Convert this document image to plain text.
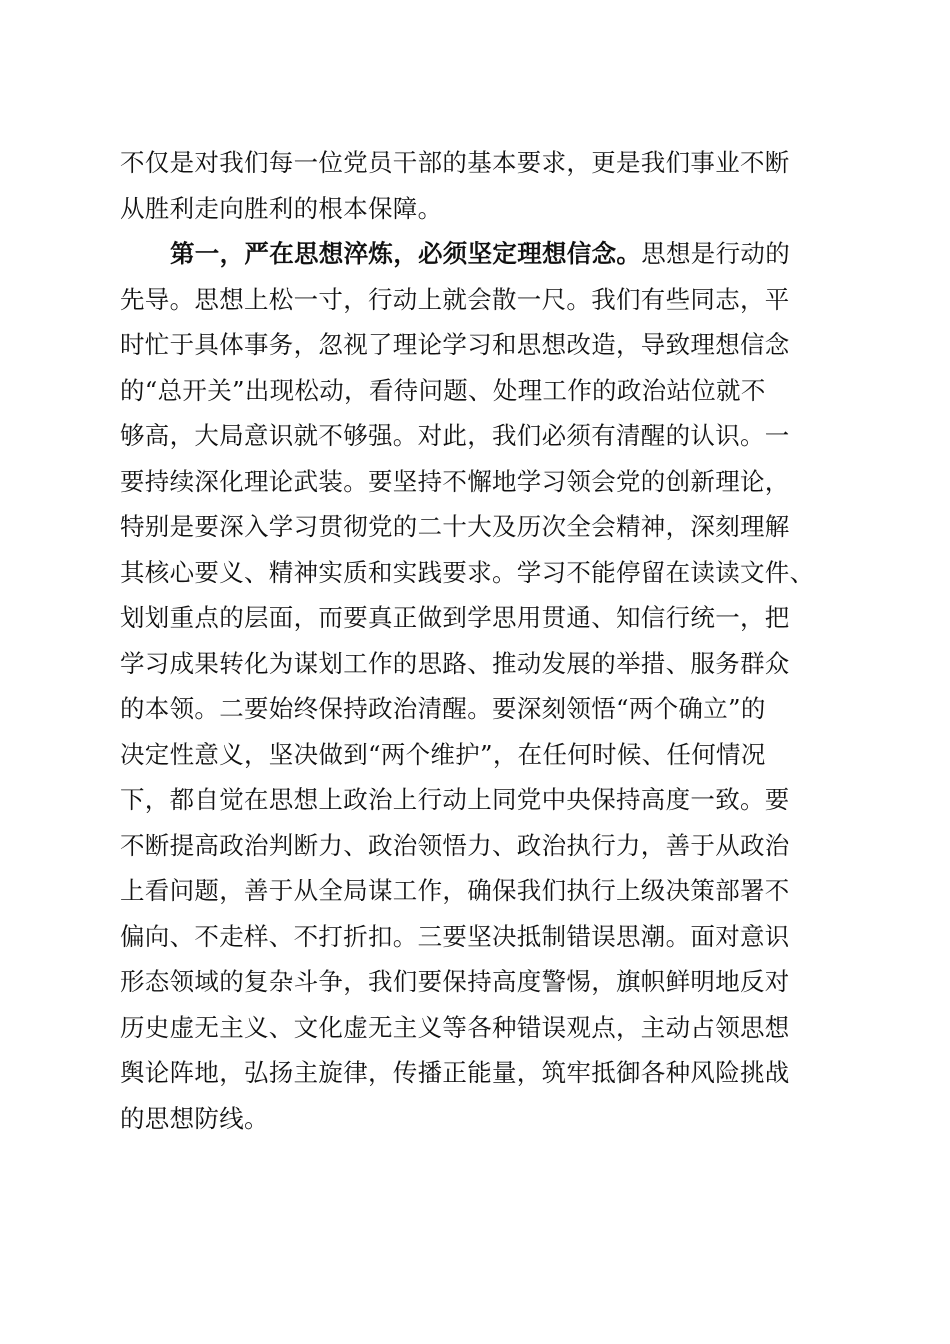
不仅是对我们每一位党员干部的基本要求，更是我们事业不断
从胜利走向胜利的根本保障。
第一，严在思想淬炼，必须坚定理想信念。思想是行动的
先导。思想上松一寸，行动上就会散一尺。我们有些同志，平
时忙于具体事务，忽视了理论学习和思想改造，导致理想信念
的“总开关”出现松动，看待问题、处理工作的政治站位就不
够高，大局意识就不够强。对此，我们必须有清醒的认识。一
要持续深化理论武装。要坚持不懈地学习领会党的创新理论，
特别是要深入学习贯彻党的二十大及历次全会精神，深刻理解
其核心要义、精神实质和实践要求。学习不能停留在读读文件、
划划重点的层面，而要真正做到学思用贯通、知信行统一，把
学习成果转化为谋划工作的思路、推动发展的举措、服务群众
的本领。二要始终保持政治清醒。要深刻领悟“两个确立”的
决定性意义，坚决做到“两个维护”，在任何时候、任何情况
下，都自觉在思想上政治上行动上同党中央保持高度一致。要
不断提高政治判断力、政治领悟力、政治执行力，善于从政治
上看问题，善于从全局谋工作，确保我们执行上级决策部署不
偏向、不走样、不打折扣。三要坚决抵制错误思潮。面对意识
形态领域的复杂斗争，我们要保持高度警惕，旗帜鲜明地反对
历史虚无主义、文化虚无主义等各种错误观点，主动占领思想
舆论阵地，弘扬主旋律，传播正能量，筑牢抵御各种风险挑战
的思想防线。
